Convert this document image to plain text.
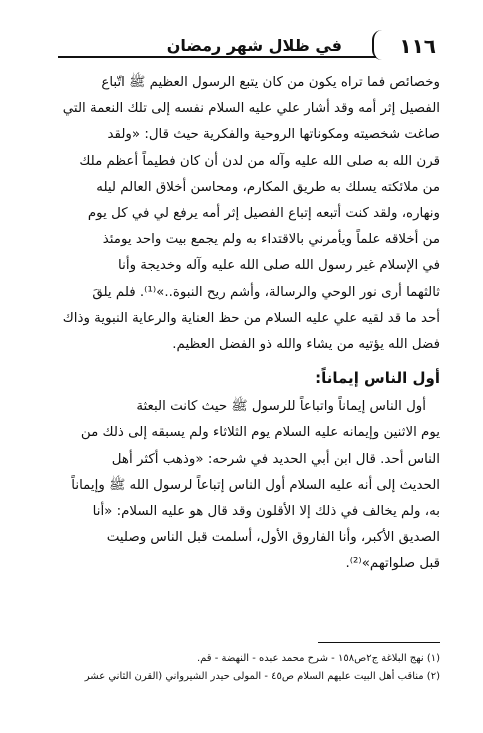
١١٦
في ظلال شهر رمضان
وخصائص فما تراه يكون من كان يتبع الرسول العظيم ﷺ اتّباع
الفصيل إثر أمه وقد أشار علي عليه السلام نفسه إلى تلك النعمة التي
صاغت شخصيته ومكوناتها الروحية والفكرية حيث قال: «ولقد
قرن الله به صلى الله عليه وآله من لدن أن كان فطيماً أعظم ملك
من ملائكته يسلك به طريق المكارم، ومحاسن أخلاق العالم ليله
ونهاره، ولقد كنت أتبعه إتباع الفصيل إثر أمه يرفع لي في كل يوم
من أخلاقه علماً ويأمرني بالاقتداء به ولم يجمع بيت واحد يومئذ
في الإسلام غير رسول الله صلى الله عليه وآله وخديجة وأنا
ثالثهما أرى نور الوحي والرسالة، وأشم ريح النبوة..»⁽¹⁾. فلم يلقَ
أحد ما قد لقيه علي عليه السلام من حظ العناية والرعاية النبوية وذاك
فضل الله يؤتيه من يشاء والله ذو الفضل العظيم.
أول الناس إيماناً:
أول الناس إيماناً واتباعاً للرسول ﷺ حيث كانت البعثة
يوم الاثنين وإيمانه عليه السلام يوم الثلاثاء ولم يسبقه إلى ذلك من
الناس أحد. قال ابن أبي الحديد في شرحه: «وذهب أكثر أهل
الحديث إلى أنه عليه السلام أول الناس إتباعاً لرسول الله ﷺ وإيماناً
به، ولم يخالف في ذلك إلا الأقلون وقد قال هو عليه السلام: «أنا
الصديق الأكبر، وأنا الفاروق الأول، أسلمت قبل الناس وصليت
قبل صلواتهم»⁽²⁾.
(١) نهج البلاغة ج٢ص١٥٨ - شرح محمد عبده - النهضة - قم.
(٢) مناقب أهل البيت عليهم السلام ص٤٥ - المولى حيدر الشيرواني (القرن الثاني عشر
